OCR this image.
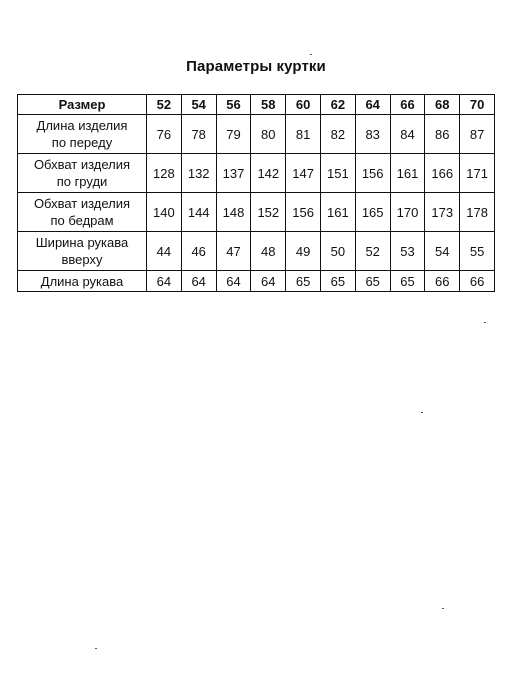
Параметры куртки
Размер	52	54	56	58	60	62	64	66	68	70
Длина изделия
по переду	76	78	79	80	81	82	83	84	86	87
Обхват изделия
по груди	128	132	137	142	147	151	156	161	166	171
Обхват изделия
по бедрам	140	144	148	152	156	161	165	170	173	178
Ширина рукава
вверху	44	46	47	48	49	50	52	53	54	55
Длина рукава	64	64	64	64	65	65	65	65	66	66
